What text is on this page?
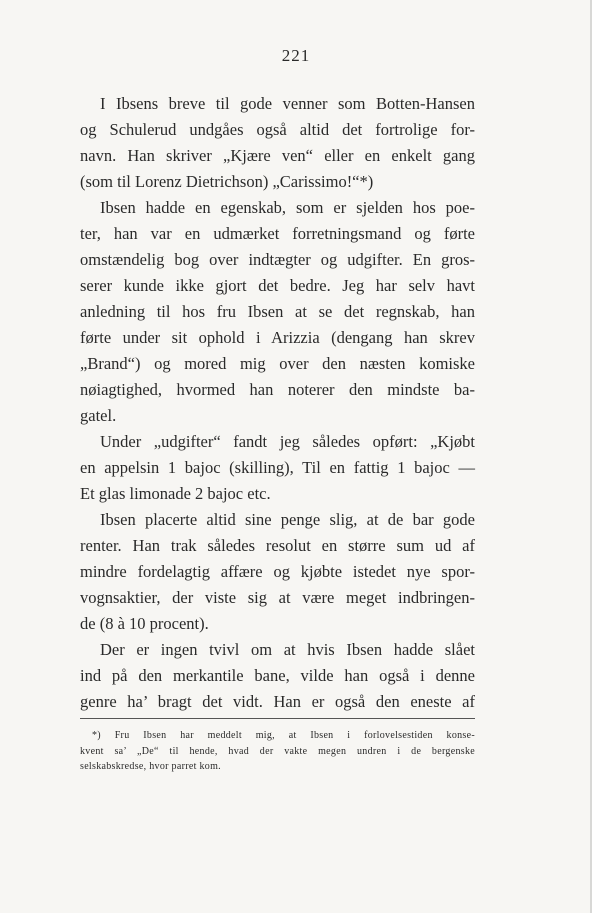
221
I Ibsens breve til gode venner som Botten-Hansen
og Schulerud undgåes også altid det fortrolige for-
navn. Han skriver „Kjære ven“ eller en enkelt gang
(som til Lorenz Dietrichson) „Carissimo!“*)
Ibsen hadde en egenskab, som er sjelden hos poe-
ter, han var en udmærket forretningsmand og førte
omstændelig bog over indtægter og udgifter. En gros-
serer kunde ikke gjort det bedre. Jeg har selv havt
anledning til hos fru Ibsen at se det regnskab, han
førte under sit ophold i Arizzia (dengang han skrev
„Brand“) og mored mig over den næsten komiske
nøiagtighed, hvormed han noterer den mindste ba-
gatel.
Under „udgifter“ fandt jeg således opført: „Kjøbt
en appelsin 1 bajoc (skilling), Til en fattig 1 bajoc —
Et glas limonade 2 bajoc etc.
Ibsen placerte altid sine penge slig, at de bar gode
renter. Han trak således resolut en større sum ud af
mindre fordelagtig affære og kjøbte istedet nye spor-
vognsaktier, der viste sig at være meget indbringen-
de (8 à 10 procent).
Der er ingen tvivl om at hvis Ibsen hadde slået
ind på den merkantile bane, vilde han også i denne
genre ha’ bragt det vidt. Han er også den eneste af
*) Fru Ibsen har meddelt mig, at Ibsen i forlovelsestiden konse-
kvent sa’ „De“ til hende, hvad der vakte megen undren i de bergenske
selskabskredse, hvor parret kom.
